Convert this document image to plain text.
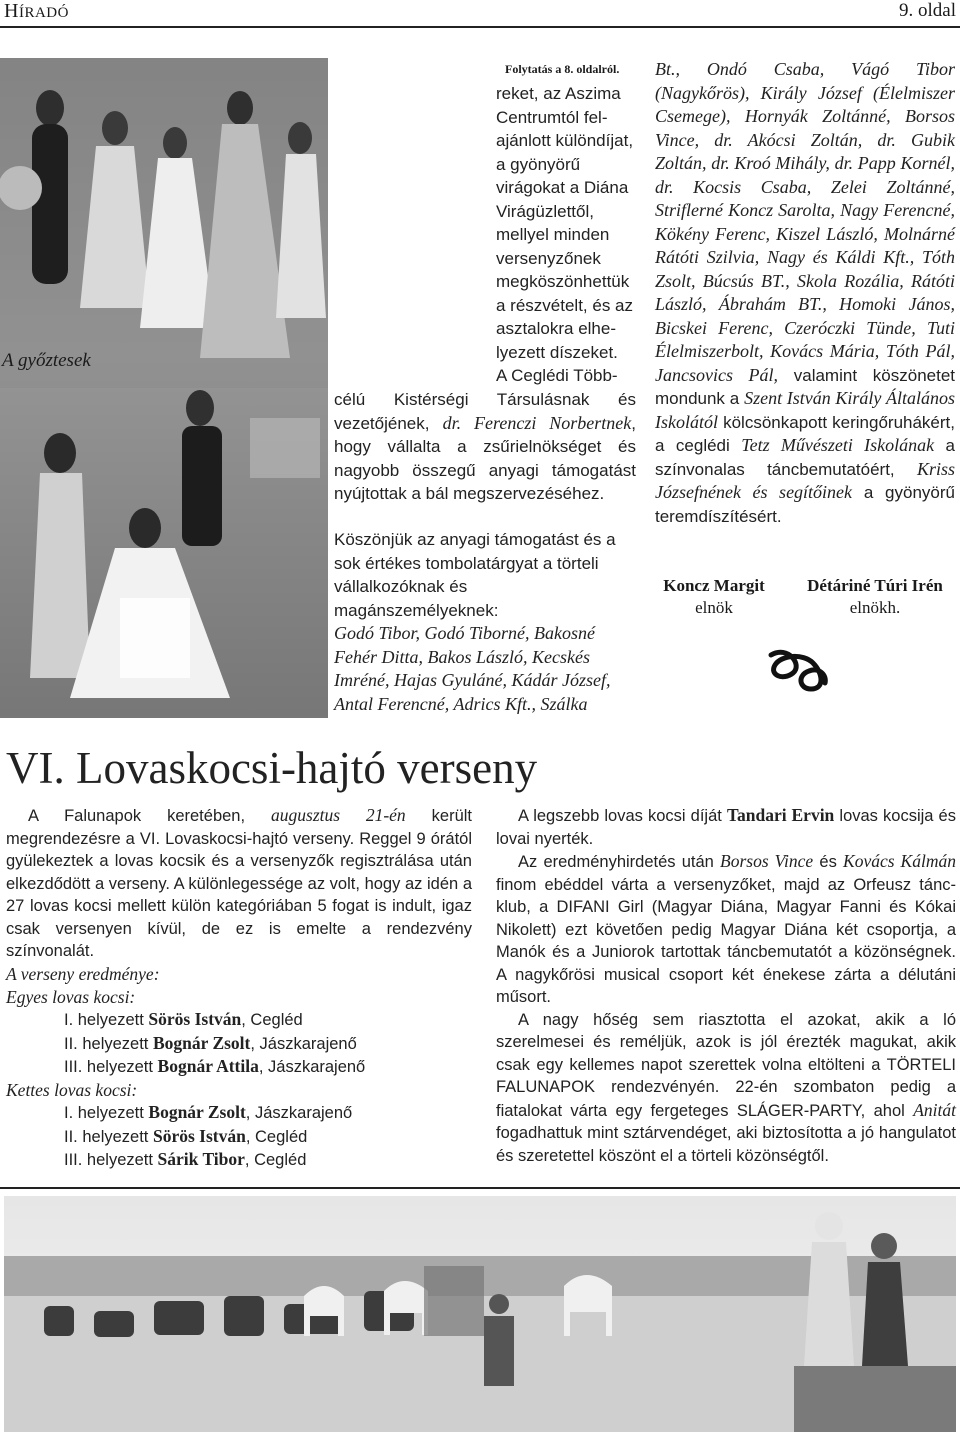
HÍRADÓ	9. oldal
A győztesek
Folytatás a 8. oldalról.
reket, az Aszima
Centrumtól fel-
ajánlott különdíjat,
a gyönyörű
virágokat a Diána
Virágüzlettől,
mellyel minden
versenyzőnek
megköszönhettük
a részvételt, és az
asztalokra elhe-
lyezett díszeket.
A Ceglédi Több-
célú Kistérségi Társulásnak és vezetőjének, dr. Ferenczi Norbertnek, hogy vállalta a zsűrielnökséget és nagyobb összegű anyagi támogatást nyújtottak a bál megszervezéséhez.
Köszönjük az anyagi támogatást és a sok értékes tombolatárgyat a törteli vállalkozóknak és magánszemélyeknek:
Godó Tibor, Godó Tiborné, Bakosné Fehér Ditta, Bakos László, Kecskés Imréné, Hajas Gyuláné, Kádár József, Antal Ferencné, Adrics Kft., Szálka
Bt., Ondó Csaba, Vágó Tibor (Nagykőrös), Király József (Élelmiszer Csemege), Hornyák Zoltánné, Borsos Vince, dr. Akócsi Zoltán, dr. Gubik Zoltán, dr. Kroó Mihály, dr. Papp Kornél, dr. Kocsis Csaba, Zelei Zoltánné, Striflerné Koncz Sarolta, Nagy Ferencné, Kökény Ferenc, Kiszel László, Molnárné Rátóti Szilvia, Nagy és Káldi Kft., Tóth Zsolt, Búcsús BT., Skola Rozália, Rátóti László, Ábrahám BT., Homoki János, Bicskei Ferenc, Czeróczki Tünde, Tuti Élelmiszerbolt, Kovács Mária, Tóth Pál, Jancsovics Pál, valamint köszönetet mondunk a Szent István Király Általános Iskolától kölcsönkapott keringőruhákért, a ceglédi Tetz Művészeti Iskolának a színvonalas táncbemutatóért, Kriss Józsefnének és segítőinek a gyönyörű teremdíszítésért.
Koncz Margit
elnök
Détáriné Túri Irén
elnökh.
VI. Lovaskocsi-hajtó verseny
A Falunapok keretében, augusztus 21-én került megrendezésre a VI. Lovaskocsi-hajtó verseny. Reggel 9 órától gyülekeztek a lovas kocsik és a versenyzők regisztrálása után elkezdődött a verseny. A különlegessége az volt, hogy az idén a 27 lovas kocsi mellett külön kategóriában 5 fogat is indult, igaz csak versenyen kívül, de ez is emelte a rendezvény színvonalát.
A verseny eredménye:
Egyes lovas kocsi:
I. helyezett Sörös István, Cegléd
II. helyezett Bognár Zsolt, Jászkarajenő
III. helyezett Bognár Attila, Jászkarajenő
Kettes lovas kocsi:
I. helyezett Bognár Zsolt, Jászkarajenő
II. helyezett Sörös István, Cegléd
III. helyezett Sárik Tibor, Cegléd

A legszebb lovas kocsi díját Tandari Ervin lovas kocsija és lovai nyerték.

Az eredményhirdetés után Borsos Vince és Kovács Kálmán finom ebéddel várta a versenyzőket, majd az Orfeusz táncklub, a DIFANI Girl (Magyar Diána, Magyar Fanni és Kókai Nikolett) ezt követően pedig Magyar Diána két csoportja, a Manók és a Juniorok tartottak táncbemutatót a közönségnek. A nagykőrösi musical csoport két énekese zárta a délutáni műsort.

A nagy hőség sem riasztotta el azokat, akik a ló szerelmesei és reméljük, azok is jól érezték magukat, akik csak egy kellemes napot szerettek volna eltölteni a TÖRTELI FALUNAPOK rendezvényén. 22-én szombaton pedig a fiatalokat várta egy fergeteges SLÁGER-PARTY, ahol Anitát fogadhattuk mint sztárvendéget, aki biztosította a jó hangulatot és szeretettel köszönt el a törteli közönségtől.
